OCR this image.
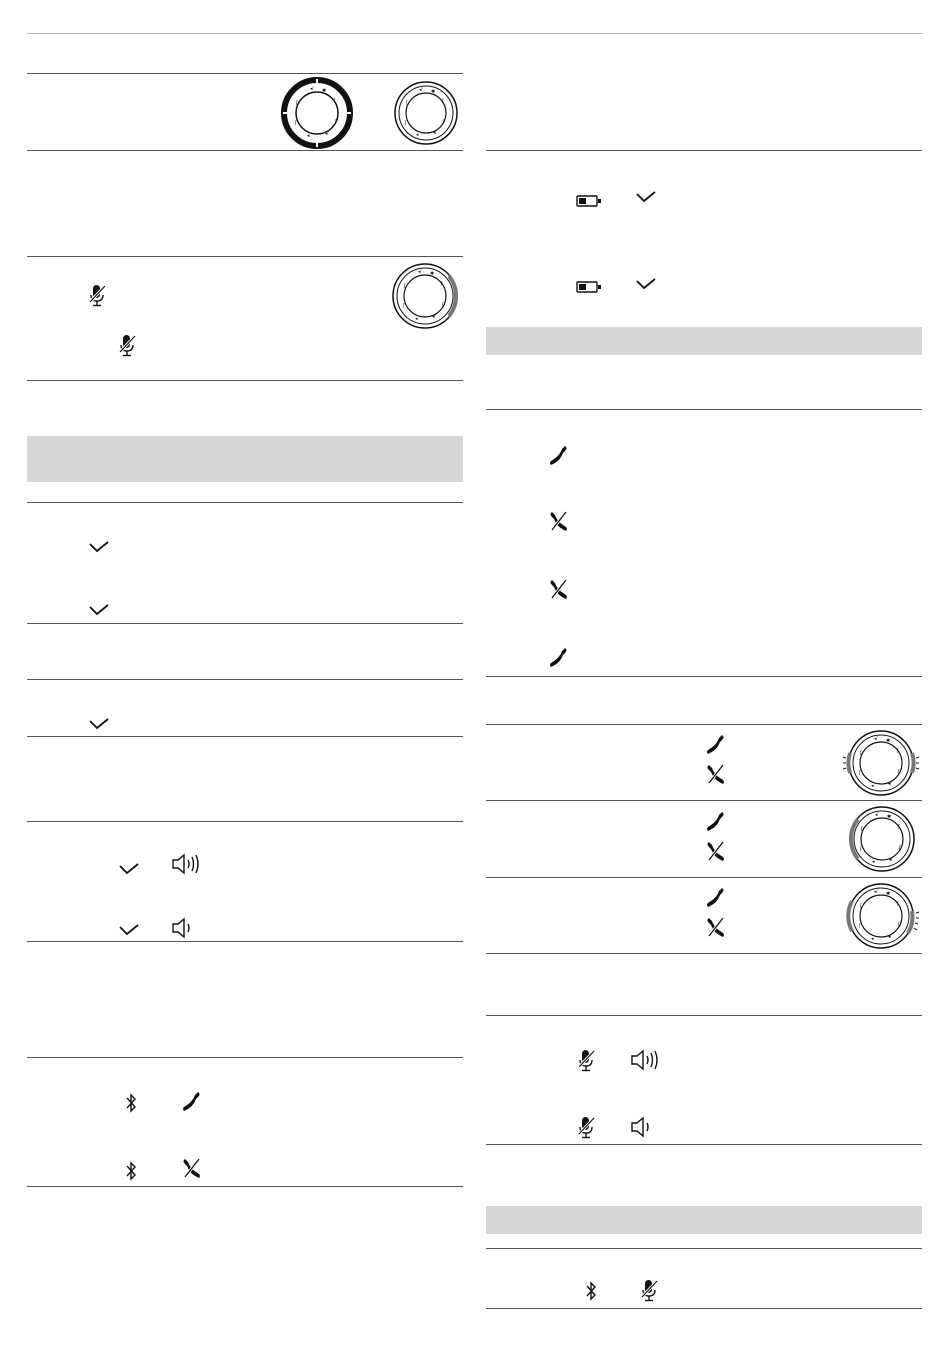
◂ʼ ✱
ʃ
ʃ
◂ʼ
◂
ʃ
ʃ
◂ʼ ✱
ʃ
ʃ
◂ʼ
◂
ʃ
ʃ
◂ʼ ✱
ʃ
ʃ
◂ʼ
◂
ʃ
ʃ
◂ʼ ✱
ʃ
ʃ
◂ʼ
◂
ʃ
ʃ
◂ʼ ✱
ʃ
ʃ
◂ʼ
◂
ʃ
ʃ
◂ʼ ✱
ʃ
ʃ
◂ʼ
◂
ʃ
ʃ
